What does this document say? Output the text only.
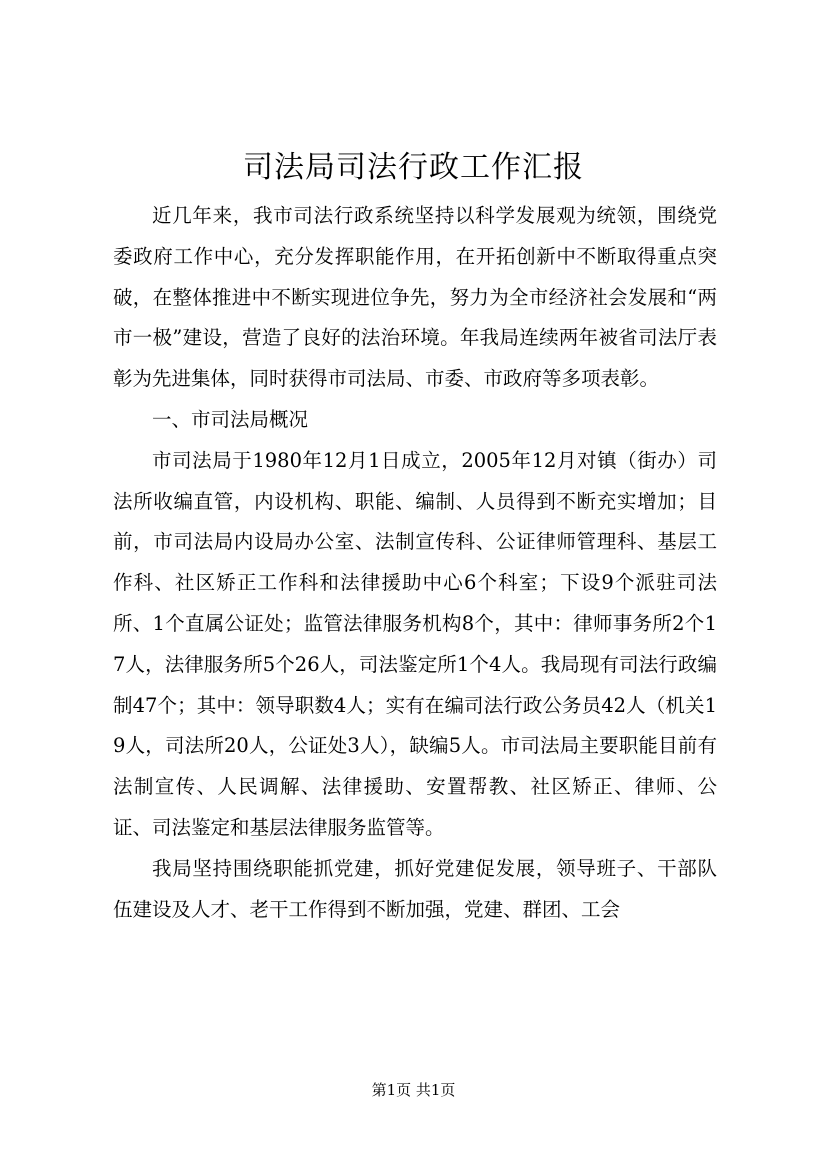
司法局司法行政工作汇报

近几年来，我市司法行政系统坚持以科学发展观为统领，围绕党委政府工作中心，充分发挥职能作用，在开拓创新中不断取得重点突破，在整体推进中不断实现进位争先，努力为全市经济社会发展和“两市一极”建设，营造了良好的法治环境。年我局连续两年被省司法厅表彰为先进集体，同时获得市司法局、市委、市政府等多项表彰。

一、市司法局概况

市司法局于1980年12月1日成立，2005年12月对镇（街办）司法所收编直管，内设机构、职能、编制、人员得到不断充实增加；目前，市司法局内设局办公室、法制宣传科、公证律师管理科、基层工作科、社区矫正工作科和法律援助中心6个科室；下设9个派驻司法所、1个直属公证处；监管法律服务机构8个，其中：律师事务所2个17人，法律服务所5个26人，司法鉴定所1个4人。我局现有司法行政编制47个；其中：领导职数4人；实有在编司法行政公务员42人（机关19人，司法所20人，公证处3人），缺编5人。市司法局主要职能目前有法制宣传、人民调解、法律援助、安置帮教、社区矫正、律师、公证、司法鉴定和基层法律服务监管等。

我局坚持围绕职能抓党建，抓好党建促发展，领导班子、干部队伍建设及人才、老干工作得到不断加强，党建、群团、工会

第1页 共1页
